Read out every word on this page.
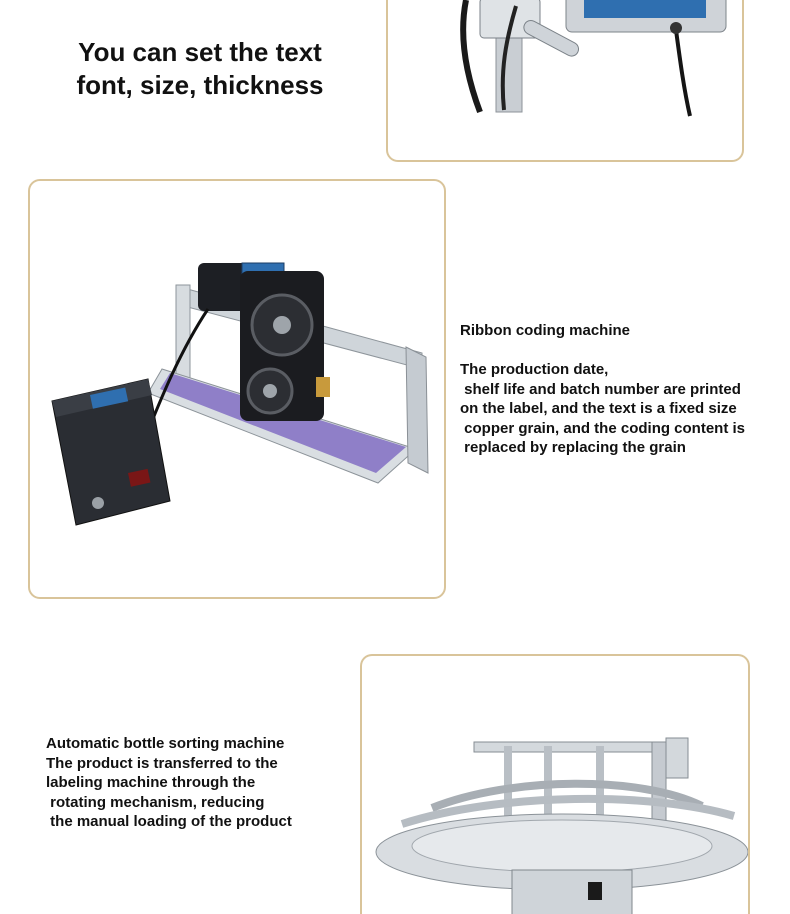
You can set the text
font, size, thickness
Ribbon coding machine
The production date,
shelf life and batch number are printed
on the label, and the text is a fixed size
copper grain, and the coding content is
replaced by replacing the grain
Automatic bottle sorting machine
The product is transferred to the
labeling machine through the
rotating mechanism, reducing
the manual loading of the product
